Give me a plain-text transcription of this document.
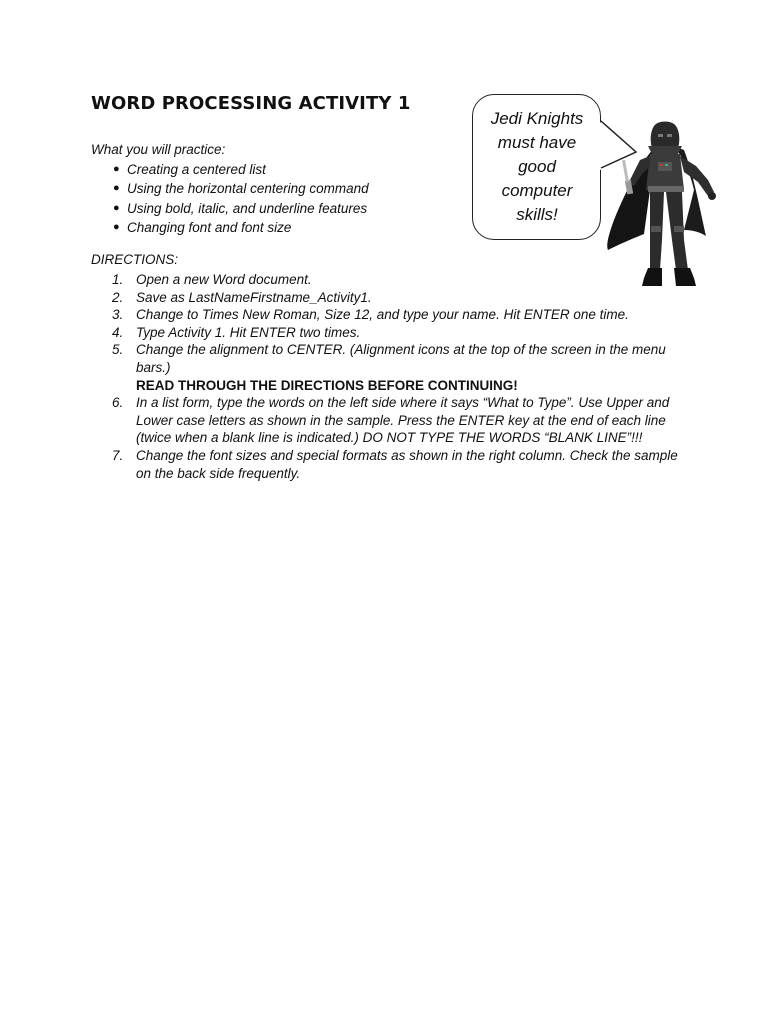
WORD PROCESSING ACTIVITY 1

What you will practice:

● Creating a centered list
● Using the horizontal centering command
● Using bold, italic, and underline features
● Changing font and font size

Jedi Knights
must have
good
computer
skills!

DIRECTIONS:

1. Open a new Word document.
2. Save as LastNameFirstname_Activity1.
3. Change to Times New Roman, Size 12, and type your name. Hit ENTER one time.
4. Type Activity 1. Hit ENTER two times.
5. Change the alignment to CENTER. (Alignment icons at the top of the screen in the menu bars.)
READ THROUGH THE DIRECTIONS BEFORE CONTINUING!
6. In a list form, type the words on the left side where it says “What to Type”. Use Upper and Lower case letters as shown in the sample. Press the ENTER key at the end of each line (twice when a blank line is indicated.) DO NOT TYPE THE WORDS “BLANK LINE”!!!
7. Change the font sizes and special formats as shown in the right column. Check the sample on the back side frequently.
